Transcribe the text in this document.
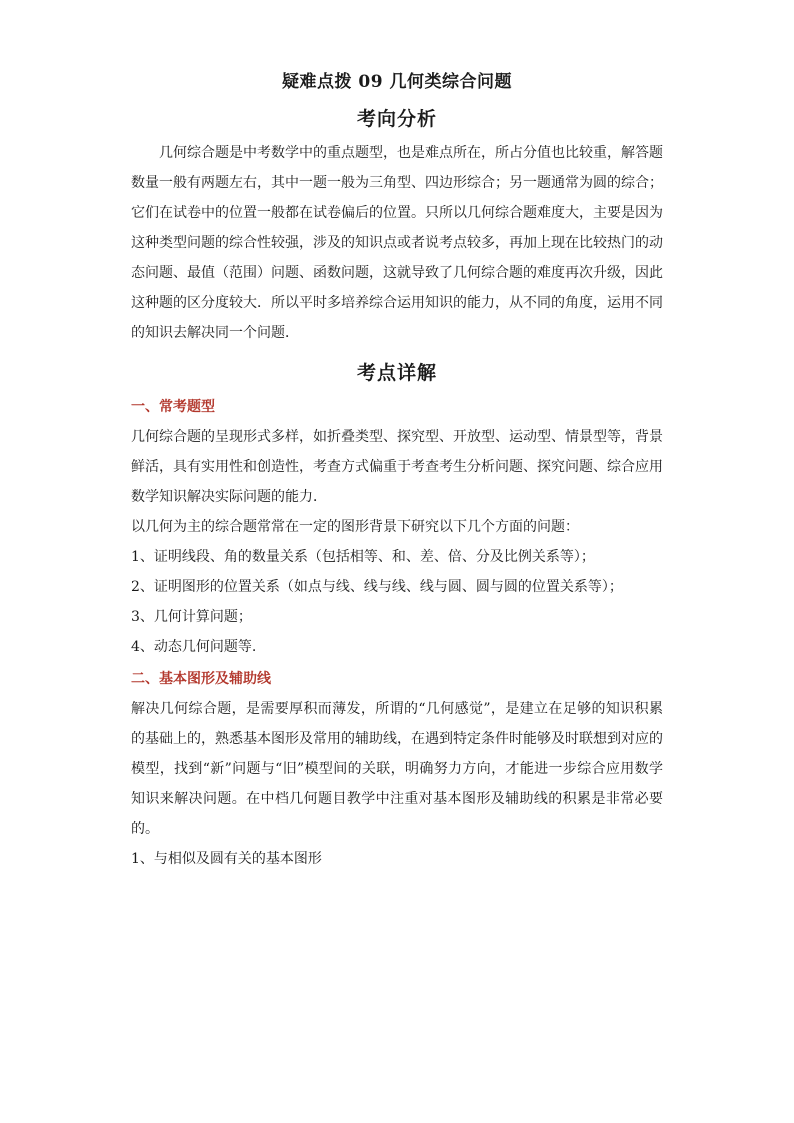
疑难点拨 09 几何类综合问题
考向分析

几何综合题是中考数学中的重点题型，也是难点所在，所占分值也比较重，解答题数量一般有两题左右，其中一题一般为三角型、四边形综合；另一题通常为圆的综合；它们在试卷中的位置一般都在试卷偏后的位置。只所以几何综合题难度大，主要是因为这种类型问题的综合性较强，涉及的知识点或者说考点较多，再加上现在比较热门的动态问题、最值（范围）问题、函数问题，这就导致了几何综合题的难度再次升级，因此这种题的区分度较大．所以平时多培养综合运用知识的能力，从不同的角度，运用不同的知识去解决同一个问题．

考点详解
一、常考题型

几何综合题的呈现形式多样，如折叠类型、探究型、开放型、运动型、情景型等，背景鲜活，具有实用性和创造性，考查方式偏重于考查考生分析问题、探究问题、综合应用数学知识解决实际问题的能力．

以几何为主的综合题常常在一定的图形背景下研究以下几个方面的问题：

1、证明线段、角的数量关系（包括相等、和、差、倍、分及比例关系等）；

2、证明图形的位置关系（如点与线、线与线、线与圆、圆与圆的位置关系等）；

3、几何计算问题；

4、动态几何问题等.

二、基本图形及辅助线

解决几何综合题，是需要厚积而薄发，所谓的“几何感觉”，是建立在足够的知识积累的基础上的，熟悉基本图形及常用的辅助线，在遇到特定条件时能够及时联想到对应的模型，找到“新”问题与“旧”模型间的关联，明确努力方向，才能进一步综合应用数学知识来解决问题。在中档几何题目教学中注重对基本图形及辅助线的积累是非常必要的。

1、与相似及圆有关的基本图形
